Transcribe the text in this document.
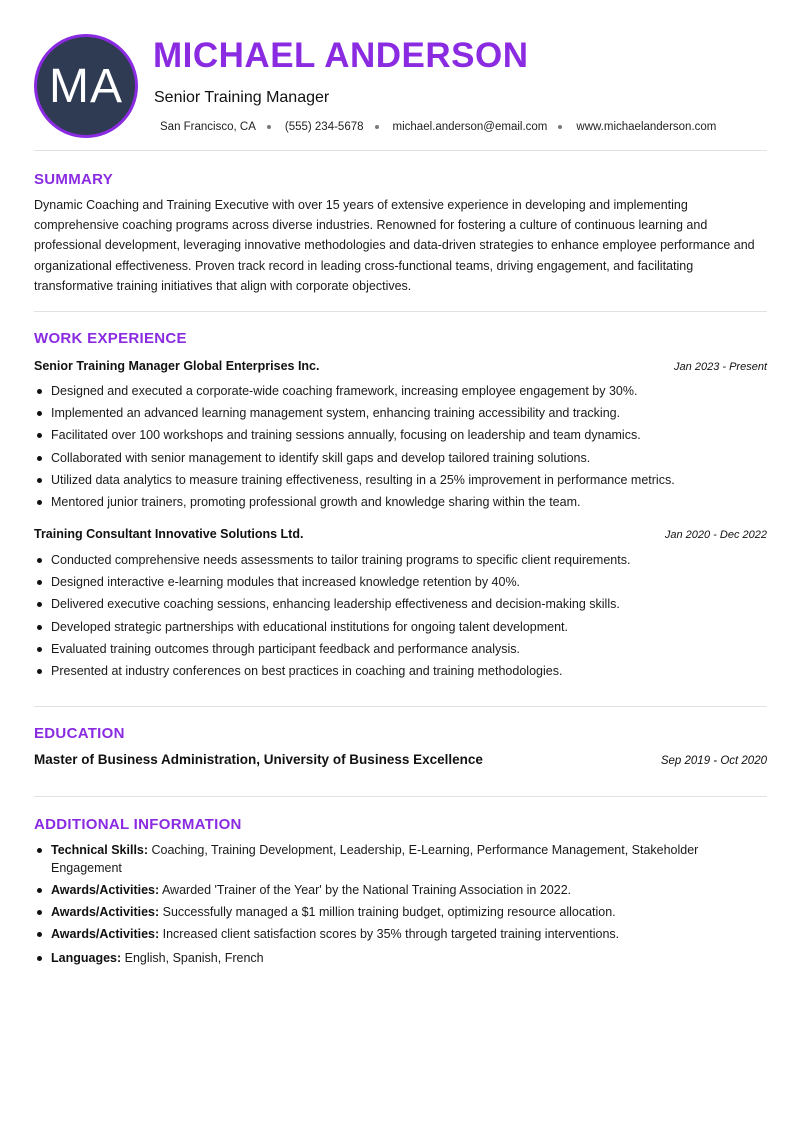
MA
MICHAEL ANDERSON
Senior Training Manager
San Francisco, CA	(555) 234-5678	michael.anderson@email.com	www.michaelanderson.com
SUMMARY

Dynamic Coaching and Training Executive with over 15 years of extensive experience in developing and implementing comprehensive coaching programs across diverse industries. Renowned for fostering a culture of continuous learning and professional development, leveraging innovative methodologies and data-driven strategies to enhance employee performance and organizational effectiveness. Proven track record in leading cross-functional teams, driving engagement, and facilitating transformative training initiatives that align with corporate objectives.

WORK EXPERIENCE
Senior Training Manager Global Enterprises Inc.	Jan 2023 - Present
Designed and executed a corporate-wide coaching framework, increasing employee engagement by 30%.
Implemented an advanced learning management system, enhancing training accessibility and tracking.
Facilitated over 100 workshops and training sessions annually, focusing on leadership and team dynamics.
Collaborated with senior management to identify skill gaps and develop tailored training solutions.
Utilized data analytics to measure training effectiveness, resulting in a 25% improvement in performance metrics.
Mentored junior trainers, promoting professional growth and knowledge sharing within the team.
Training Consultant Innovative Solutions Ltd.	Jan 2020 - Dec 2022
Conducted comprehensive needs assessments to tailor training programs to specific client requirements.
Designed interactive e-learning modules that increased knowledge retention by 40%.
Delivered executive coaching sessions, enhancing leadership effectiveness and decision-making skills.
Developed strategic partnerships with educational institutions for ongoing talent development.
Evaluated training outcomes through participant feedback and performance analysis.
Presented at industry conferences on best practices in coaching and training methodologies.
EDUCATION
Master of Business Administration, University of Business Excellence	Sep 2019 - Oct 2020
ADDITIONAL INFORMATION
Technical Skills: Coaching, Training Development, Leadership, E-Learning, Performance Management, Stakeholder Engagement
Awards/Activities: Awarded 'Trainer of the Year' by the National Training Association in 2022.
Awards/Activities: Successfully managed a $1 million training budget, optimizing resource allocation.
Awards/Activities: Increased client satisfaction scores by 35% through targeted training interventions.
Languages: English, Spanish, French
